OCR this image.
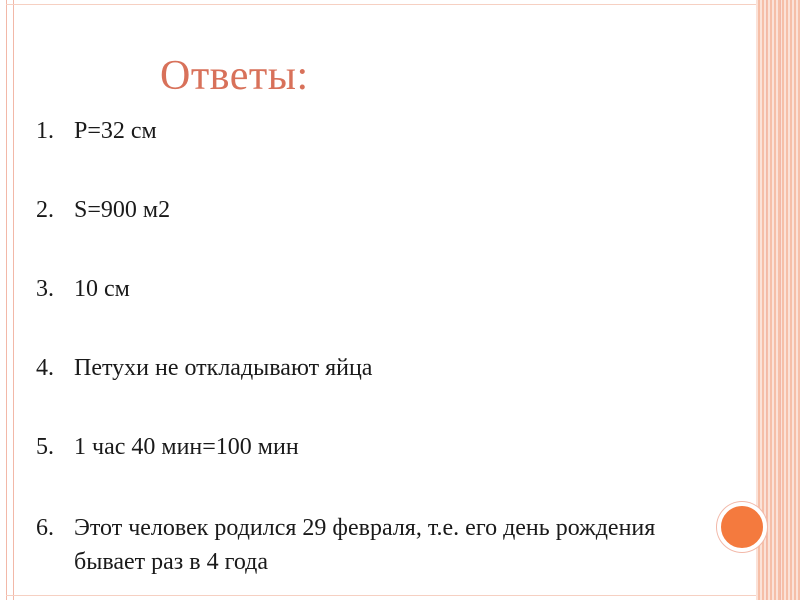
Ответы:
1. P=32 см
2. S=900 м2
3. 10 см
4. Петухи не откладывают яйца
5. 1 час 40 мин=100 мин
6. Этот человек родился 29 февраля, т.е. его день рождения бывает раз в 4 года
